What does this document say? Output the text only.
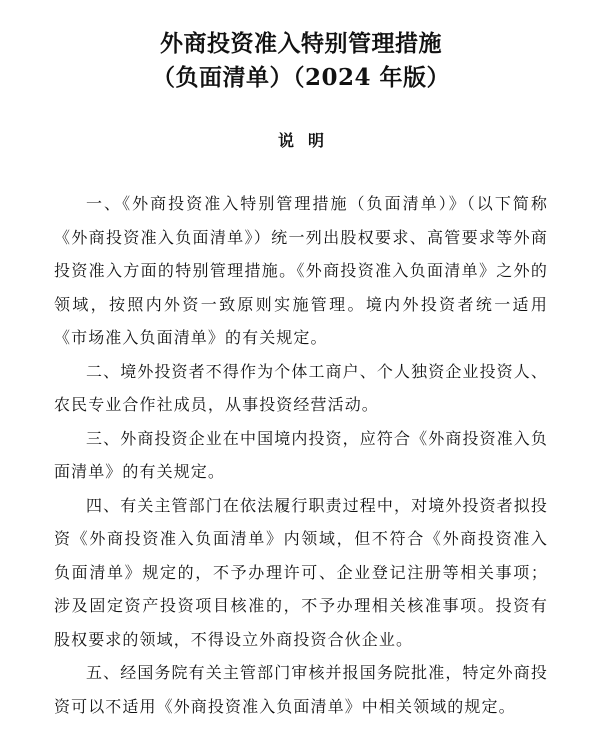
外商投资准入特别管理措施
（负面清单）（2024 年版）
说明

一、《外商投资准入特别管理措施（负面清单）》（以下简称《外商投资准入负面清单》）统一列出股权要求、高管要求等外商投资准入方面的特别管理措施。《外商投资准入负面清单》之外的领域，按照内外资一致原则实施管理。境内外投资者统一适用《市场准入负面清单》的有关规定。

二、境外投资者不得作为个体工商户、个人独资企业投资人、农民专业合作社成员，从事投资经营活动。

三、外商投资企业在中国境内投资，应符合《外商投资准入负面清单》的有关规定。

四、有关主管部门在依法履行职责过程中，对境外投资者拟投资《外商投资准入负面清单》内领域，但不符合《外商投资准入负面清单》规定的，不予办理许可、企业登记注册等相关事项；涉及固定资产投资项目核准的，不予办理相关核准事项。投资有股权要求的领域，不得设立外商投资合伙企业。

五、经国务院有关主管部门审核并报国务院批准，特定外商投资可以不适用《外商投资准入负面清单》中相关领域的规定。
